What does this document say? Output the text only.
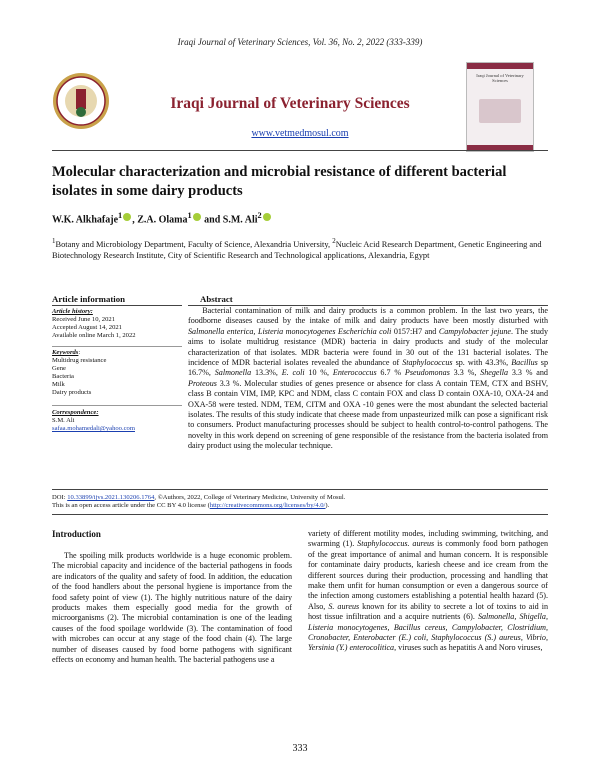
Iraqi Journal of Veterinary Sciences, Vol. 36, No. 2, 2022 (333-339)
Iraqi Journal of Veterinary Sciences
Iraqi Journal of Veterinary Sciences
www.vetmedmosul.com
Molecular characterization and microbial resistance of different bacterial isolates in some dairy products
W.K. Alkhafaje$^1$ , Z.A. Olama$^1$ and S.M. Ali$^2$
$^1$Botany and Microbiology Department, Faculty of Science, Alexandria University, $^2$Nucleic Acid Research Department, Genetic Engineering and Biotechnology Research Institute, City of Scientific Research and Technological applications, Alexandria, Egypt
Article information	Abstract
Article history:
Received June 10, 2021
Accepted August 14, 2021
Available online March 1, 2022
Keywords:
Multidrug resistance
Gene
Bacteria
Milk
Dairy products
Correspondence:
S.M. Ali
safaa.mohamedali@yahoo.com
Bacterial contamination of milk and dairy products is a common problem. In the last two years, the foodborne diseases caused by the intake of milk and dairy products have been mostly disturbed with Salmonella enterica, Listeria monocytogenes Escherichia coli 0157:H7 and Campylobacter jejune. The study aims to isolate multidrug resistance (MDR) bacteria in dairy products and study of the molecular characterization of that isolates. MDR bacteria were found in 30 out of the 131 bacterial isolates. The incidence of MDR bacterial isolates revealed the abundance of Staphylococcus sp. with 43.3%, Bacillus sp 16.7%, Salmonella 13.3%, E. coli 10 %, Enterococcus 6.7 % Pseudomonas 3.3 %, Shegella 3.3 % and Proteous 3.3 %. Molecular studies of genes presence or absence for class A contain TEM, CTX and BSHV, class B contain VIM, IMP, KPC and NDM, class C contain FOX and class D contain OXA-10, OXA-24 and OXA-58 were tested. NDM, TEM, CITM and OXA -10 genes were the most abundant the selected bacterial isolates. The results of this study indicate that cheese made from unpasteurized milk can pose a significant risk to consumers. Product manufacturing processes should be subject to health control-to-control pathogens. The novelty in this work depend on screening of gene responsible of the resistance from the bacteria isolated from dairy product using the molecular technique.
DOI: 10.33899/ijvs.2021.130206.1764, ©Authors, 2022, College of Veterinary Medicine, University of Mosul.
This is an open access article under the CC BY 4.0 license (http://creativecommons.org/licenses/by/4.0/).
Introduction

The spoiling milk products worldwide is a huge economic problem. The microbial capacity and incidence of the bacterial pathogens in foods are indicators of the quality and safety of food. In addition, the education of the food handlers about the personal hygiene is importance from the food safety point of view (1). The highly nutritious nature of the dairy products makes them especially good media for the growth of microorganisms (2). The microbial contamination is one of the leading causes of the food spoilage worldwide (3). The contamination of food with microbes can occur at any stage of the food chain (4). The large number of diseases caused by food borne pathogens with significant effects on economy and human health. The bacterial pathogens use a

variety of different motility modes, including swimming, twitching, and swarming (1). Staphylococcus. aureus is commonly food born pathogen of the great importance of animal and human concern. It is responsible for contaminate dairy products, kariesh cheese and ice cream from the different sources during their production, processing and handling that make them unfit for human consumption or even a dangerous source of the infection among customers establishing a potential health hazard (5). Also, S. aureus known for its ability to secrete a lot of toxins to aid in host tissue infiltration and a acquire nutrients (6). Salmonella, Shigella, Listeria monocytogenes, Bacillus cereus, Campylobacter, Clostridium, Cronobacter, Enterobacter (E.) coli, Staphylococcus (S.) aureus, Vibrio, Yersinia (Y.) enterocolitica, viruses such as hepatitis A and Noro viruses,
333
